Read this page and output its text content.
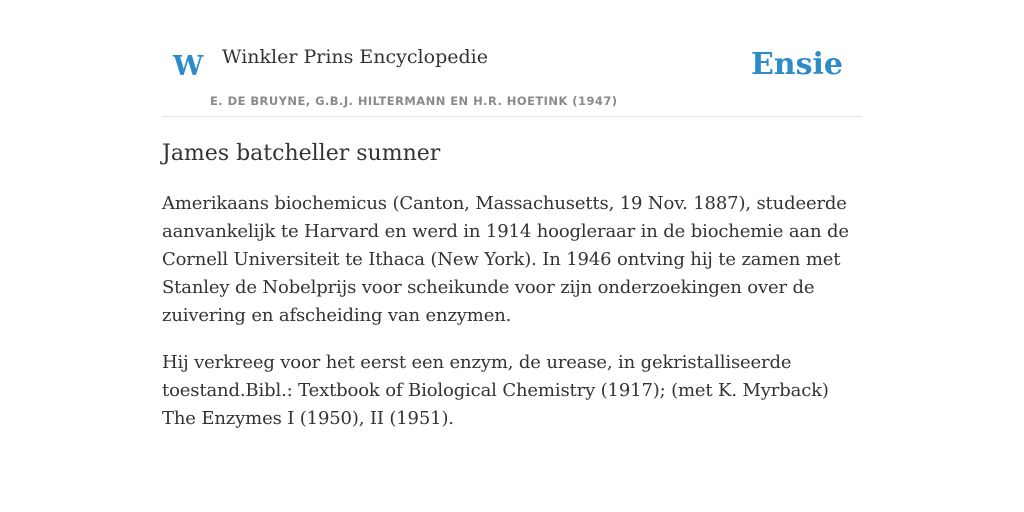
W Winkler Prins Encyclopedie
E. DE BRUYNE, G.B.J. HILTERMANN EN H.R. HOETINK (1947)
Ensie
James batcheller sumner

Amerikaans biochemicus (Canton, Massachusetts, 19 Nov. 1887), studeerde aanvankelijk te Harvard en werd in 1914 hoogleraar in de biochemie aan de Cornell Universiteit te Ithaca (New York). In 1946 ontving hij te zamen met Stanley de Nobelprijs voor scheikunde voor zijn onderzoekingen over de zuivering en afscheiding van enzymen.

Hij verkreeg voor het eerst een enzym, de urease, in gekristalliseerde toestand.Bibl.: Textbook of Biological Chemistry (1917); (met K. Myrback) The Enzymes I (1950), II (1951).
